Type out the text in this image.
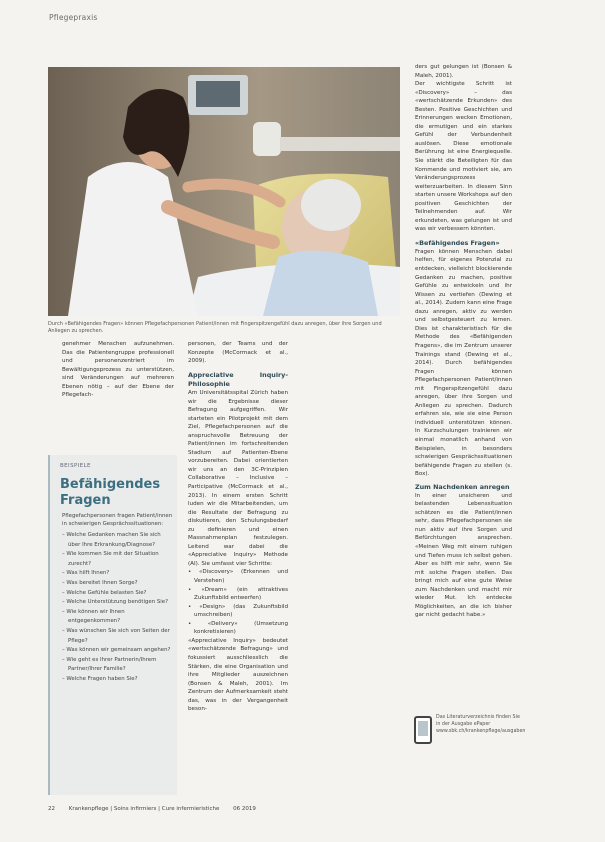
Pflegepraxis
Durch «Befähigendes Fragen» können Pflegefachpersonen Patient/innen mit Fingerspitzengefühl dazu anregen, über ihre Sorgen und Anliegen zu sprechen.

genehmer Menschen aufzunehmen. Das die Patientengruppe professionell und personenzentriert im Bewältigungsprozess zu unterstützen, sind Veränderungen auf mehreren Ebenen nötig – auf der Ebene der Pflegefach-

personen, der Teams und der Konzepte (McCormack et al., 2009).

Appreciative Inquiry-Philosophie

Am Universitätsspital Zürich haben wir die Ergebnisse dieser Befragung aufgegriffen. Wir starteten ein Pilotprojekt mit dem Ziel, Pflegefachpersonen auf die anspruchsvolle Betreuung der Patient/innen im fortschreitenden Stadium auf Patienten-Ebene vorzubereiten. Dabei orientierten wir uns an den 3C-Prinzipien Collaborative – Inclusive – Participative (McCormack et al., 2013). In einem ersten Schritt luden wir die Mitarbeitenden, um die Resultate der Befragung zu diskutieren, den Schulungsbedarf zu definieren und einen Massnahmenplan festzulegen. Leitend war dabei die «Appreciative Inquiry» Methode (AI). Sie umfasst vier Schritte:

• «Discovery» (Erkennen und Verstehen)
• «Dream» (ein attraktives Zukunftsbild entwerfen)
• «Design» (das Zukunftsbild umschreiben)
• «Delivery» (Umsetzung konkretisieren)

«Appreciative Inquiry» bedeutet «wertschätzende Befragung» und fokussiert ausschliesslich die Stärken, die eine Organisation und ihre Mitglieder auszeichnen (Bonsen & Maleh, 2001). Im Zentrum der Aufmerksamkeit steht das, was in der Vergangenheit beson-

ders gut gelungen ist (Bonsen & Maleh, 2001).

Der wichtigste Schritt ist «Discovery» – das «wertschätzende Erkunden» des Besten. Positive Geschichten und Erinnerungen wecken Emotionen, die ermutigen und ein starkes Gefühl der Verbundenheit auslösen. Diese emotionale Berührung ist eine Energiequelle. Sie stärkt die Beteiligten für das Kommende und motiviert sie, am Veränderungsprozess weiterzuarbeiten. In diesem Sinn starten unsere Workshops auf den positiven Geschichten der Teilnehmenden auf. Wir erkundeten, was gelungen ist und was wir verbessern könnten.

«Befähigendes Fragen»

Fragen können Menschen dabei helfen, für eigenes Potenzial zu entdecken, vielleicht blockierende Gedanken zu machen, positive Gefühle zu entwickeln und ihr Wissen zu vertiefen (Dewing et al., 2014). Zudem kann eine Frage dazu anregen, aktiv zu werden und selbstgesteuert zu lernen. Dies ist charakteristisch für die Methode des «Befähigenden Fragens», die im Zentrum unserer Trainings stand (Dewing et al., 2014). Durch befähigendes Fragen können Pflegefachpersonen Patient/innen mit Fingerspitzengefühl dazu anregen, über ihre Sorgen und Anliegen zu sprechen. Dadurch erfahren sie, wie sie eine Person individuell unterstützen können. In Kurzschulungen trainieren wir einmal monatlich anhand von Beispielen, in besonders schwierigen Gesprächssituationen befähigende Fragen zu stellen (s. Box).

Zum Nachdenken anregen

In einer unsicheren und belastenden Lebenssituation schätzen es die Patient/innen sehr, dass Pflegefachpersonen sie nun aktiv auf ihre Sorgen und Befürchtungen ansprechen. «Meinen Weg mit einem ruhigen und Tiefen muss ich selbst gehen. Aber es hilft mir sehr, wenn Sie mit solche Fragen stellen. Das bringt mich auf eine gute Weise zum Nachdenken und macht mir wieder Mut. Ich entdecke Möglichkeiten, an die ich bisher gar nicht gedacht habe.»

BEISPIELE
Befähigendes Fragen
Pflegefachpersonen fragen Patient/innen in schwierigen Gesprächssituationen:
– Welche Gedanken machen Sie sich über Ihre Erkrankung/Diagnose?
– Wie kommen Sie mit der Situation zurecht?
– Was hilft Ihnen?
– Was bereitet Ihnen Sorge?
– Welche Gefühle belasten Sie?
– Welche Unterstützung benötigen Sie?
– Wie können wir Ihnen entgegenkommen?
– Was wünschen Sie sich von Seiten der Pflege?
– Was können wir gemeinsam angehen?
– Wie geht es Ihrer Partnerin/Ihrem Partner/Ihrer Familie?
– Welche Fragen haben Sie?
Das Literaturverzeichnis finden Sie in der Ausgabe ePaper www.sbk.ch/krankenpflege/ausgaben
22	Krankenpflege | Soins infirmiers | Cure infermieristiche	06 2019
